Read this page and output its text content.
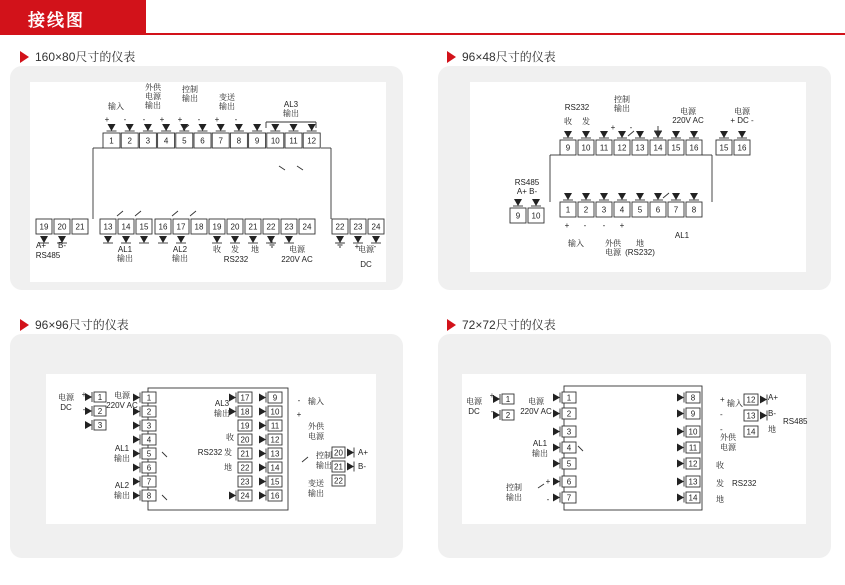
接线图
160×80尺寸的仪表	96×48尺寸的仪表
96×96尺寸的仪表	72×72尺寸的仪表
1 2 3 4 5 6 7 8 9 10 11 12
19 20 21 13 14 15 16 17 18 19 20 21 22 23 24	22 23 24
输入
+ -
外供
电源
输出
- +
控制
输出
+ -
变送
输出
+ -
AL3
输出
A+ B-
RS485
AL1
输出
AL2
输出
收 发 地
RS232
电源
220V AC
电源
DC
+ -
9 10 11 12 13 14 15 16	15 16
1 2 3 4 5 6 7 8
9 10
RS232
收 发
控制
输出
+ -
电源
220V AC
电源
+ DC -
RS485
A+ B-
+ -
输入
- +
外供
电源
地
(RS232)
AL1
1
2
3
4
5
6
7
8
17
18
19
20
21
22
23
24
9
10
11
12
13
14
15
16
1
2
3
20
21
22
电源
DC
+
-
电源
220V AC
AL1
输出
AL2
输出
AL3
输出
收
发
地
RS232
- 输入
+
外供
电源
控制
输出
变送
输出
A+
B-
1
2
3
4
5
6
7
8
9
10
11
12
13
14
1
2
12
13
14
电源
DC
+
-
电源
220V AC
AL1
输出
控制
输出
+
-
+ 输入
-
-
外供
电源
收
发 RS232
地
A+
B-
RS485
地
